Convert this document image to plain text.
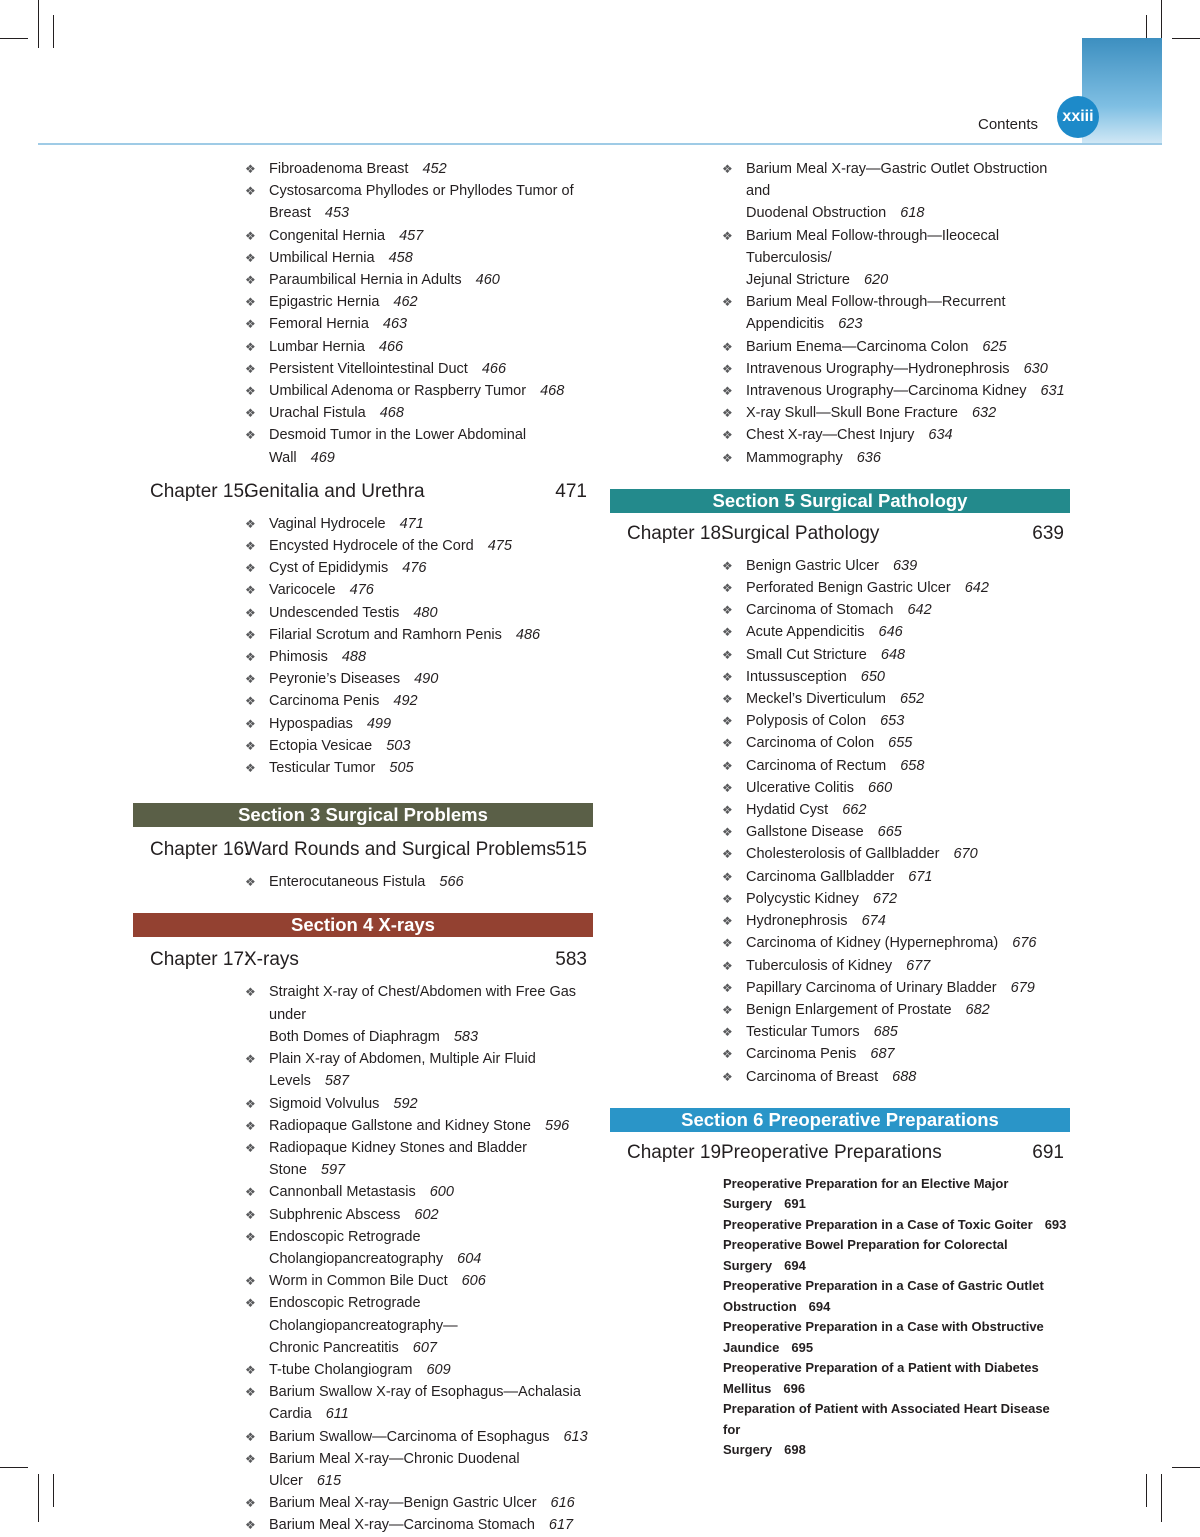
Contents xxiii
❖ Fibroadenoma Breast 452
❖ Cystosarcoma Phyllodes or Phyllodes Tumor of
Breast 453
❖ Congenital Hernia 457
❖ Umbilical Hernia 458
❖ Paraumbilical Hernia in Adults 460
❖ Epigastric Hernia 462
❖ Femoral Hernia 463
❖ Lumbar Hernia 466
❖ Persistent Vitellointestinal Duct 466
❖ Umbilical Adenoma or Raspberry Tumor 468
❖ Urachal Fistula 468
❖ Desmoid Tumor in the Lower Abdominal Wall 469
Chapter 15:
Genitalia and Urethra	471
❖ Vaginal Hydrocele 471
❖ Encysted Hydrocele of the Cord 475
❖ Cyst of Epididymis 476
❖ Varicocele 476
❖ Undescended Testis 480
❖ Filarial Scrotum and Ramhorn Penis 486
❖ Phimosis 488
❖ Peyronie’s Diseases 490
❖ Carcinoma Penis 492
❖ Hypospadias 499
❖ Ectopia Vesicae 503
❖ Testicular Tumor 505
Section 3 Surgical Problems
Chapter 16:
Ward Rounds and Surgical Problems 515
❖ Enterocutaneous Fistula 566
Section 4 X-rays
Chapter 17:
X-rays	583
❖ Straight X-ray of Chest/Abdomen with Free Gas under
Both Domes of Diaphragm 583
❖ Plain X-ray of Abdomen, Multiple Air Fluid Levels 587
❖ Sigmoid Volvulus 592
❖ Radiopaque Gallstone and Kidney Stone 596
❖ Radiopaque Kidney Stones and Bladder Stone 597
❖ Cannonball Metastasis 600
❖ Subphrenic Abscess 602
❖ Endoscopic Retrograde Cholangiopancreatography 604
❖ Worm in Common Bile Duct 606
❖ Endoscopic Retrograde Cholangiopancreatography—
Chronic Pancreatitis 607
❖ T-tube Cholangiogram 609
❖ Barium Swallow X-ray of Esophagus—Achalasia
Cardia 611
❖ Barium Swallow—Carcinoma of Esophagus 613
❖ Barium Meal X-ray—Chronic Duodenal Ulcer 615
❖ Barium Meal X-ray—Benign Gastric Ulcer 616
❖ Barium Meal X-ray—Carcinoma Stomach 617
❖ Barium Meal X-ray—Gastric Outlet Obstruction and
Duodenal Obstruction 618
❖ Barium Meal Follow-through—Ileocecal Tuberculosis/
Jejunal Stricture 620
❖ Barium Meal Follow-through—Recurrent
Appendicitis 623
❖ Barium Enema—Carcinoma Colon 625
❖ Intravenous Urography—Hydronephrosis 630
❖ Intravenous Urography—Carcinoma Kidney 631
❖ X-ray Skull—Skull Bone Fracture 632
❖ Chest X-ray—Chest Injury 634
❖ Mammography 636
Section 5 Surgical Pathology
Chapter 18:
Surgical Pathology	639
❖ Benign Gastric Ulcer 639
❖ Perforated Benign Gastric Ulcer 642
❖ Carcinoma of Stomach 642
❖ Acute Appendicitis 646
❖ Small Cut Stricture 648
❖ Intussusception 650
❖ Meckel’s Diverticulum 652
❖ Polyposis of Colon 653
❖ Carcinoma of Colon 655
❖ Carcinoma of Rectum 658
❖ Ulcerative Colitis 660
❖ Hydatid Cyst 662
❖ Gallstone Disease 665
❖ Cholesterolosis of Gallbladder 670
❖ Carcinoma Gallbladder 671
❖ Polycystic Kidney 672
❖ Hydronephrosis 674
❖ Carcinoma of Kidney (Hypernephroma) 676
❖ Tuberculosis of Kidney 677
❖ Papillary Carcinoma of Urinary Bladder 679
❖ Benign Enlargement of Prostate 682
❖ Testicular Tumors 685
❖ Carcinoma Penis 687
❖ Carcinoma of Breast 688
Section 6 Preoperative Preparations
Chapter 19:
Preoperative Preparations	691
Preoperative Preparation for an Elective Major Surgery 691
Preoperative Preparation in a Case of Toxic Goiter 693
Preoperative Bowel Preparation for Colorectal Surgery 694
Preoperative Preparation in a Case of Gastric Outlet
Obstruction 694
Preoperative Preparation in a Case with Obstructive
Jaundice 695
Preoperative Preparation of a Patient with Diabetes
Mellitus 696
Preparation of Patient with Associated Heart Disease for
Surgery 698
